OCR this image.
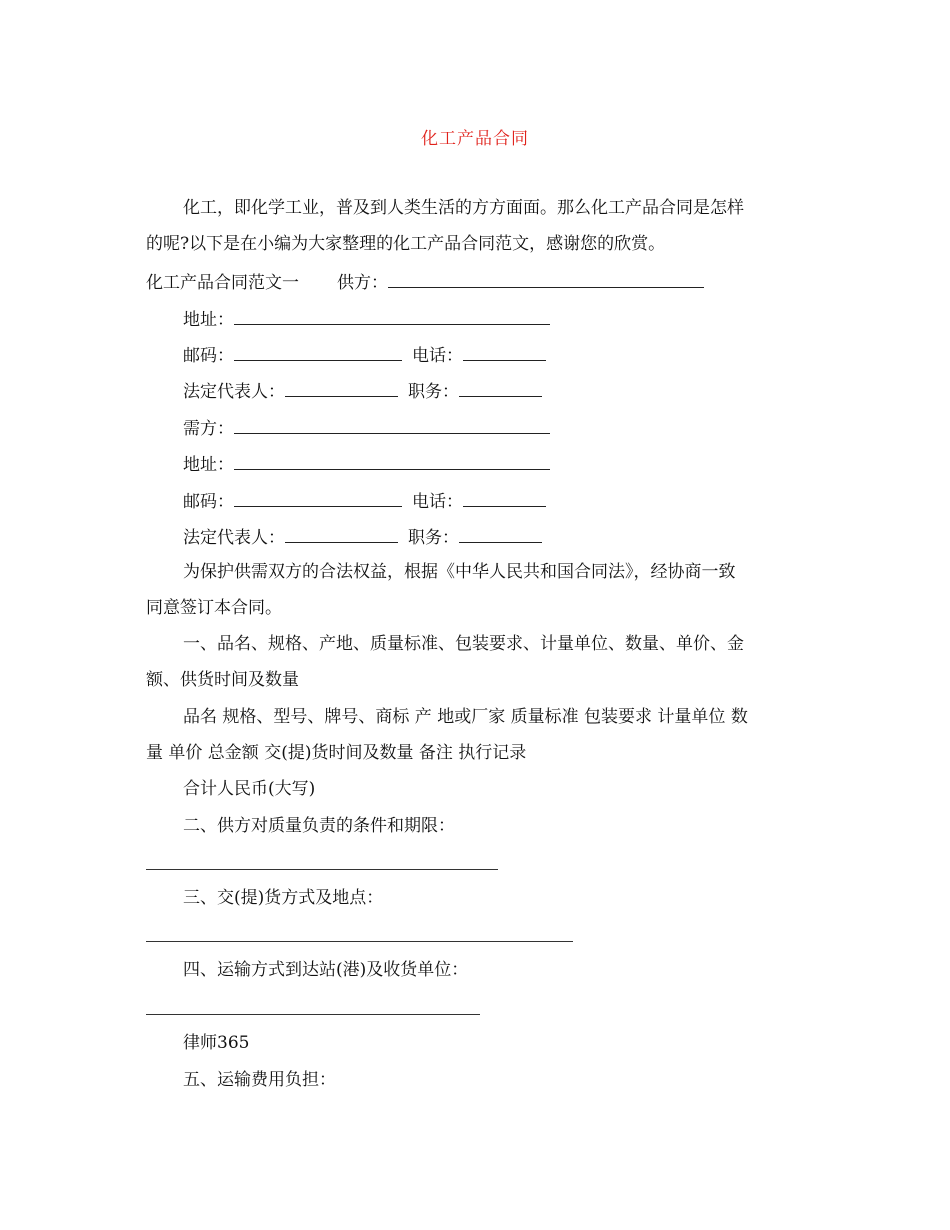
化工产品合同
化工，即化学工业，普及到人类生活的方方面面。那么化工产品合同是怎样
的呢?以下是在小编为大家整理的化工产品合同范文，感谢您的欣赏。
化工产品合同范文一 供方：
地址：
邮码：	电话：
法定代表人：	职务：
需方：
地址：
邮码：	电话：
法定代表人：	职务：
为保护供需双方的合法权益，根据《中华人民共和国合同法》，经协商一致
同意签订本合同。
一、品名、规格、产地、质量标准、包装要求、计量单位、数量、单价、金
额、供货时间及数量
品名 规格、型号、牌号、商标 产 地或厂家 质量标准 包装要求 计量单位 数
量 单价 总金额 交(提)货时间及数量 备注 执行记录
合计人民币(大写)
二、供方对质量负责的条件和期限：
三、交(提)货方式及地点：
四、运输方式到达站(港)及收货单位：
律师365
五、运输费用负担：
